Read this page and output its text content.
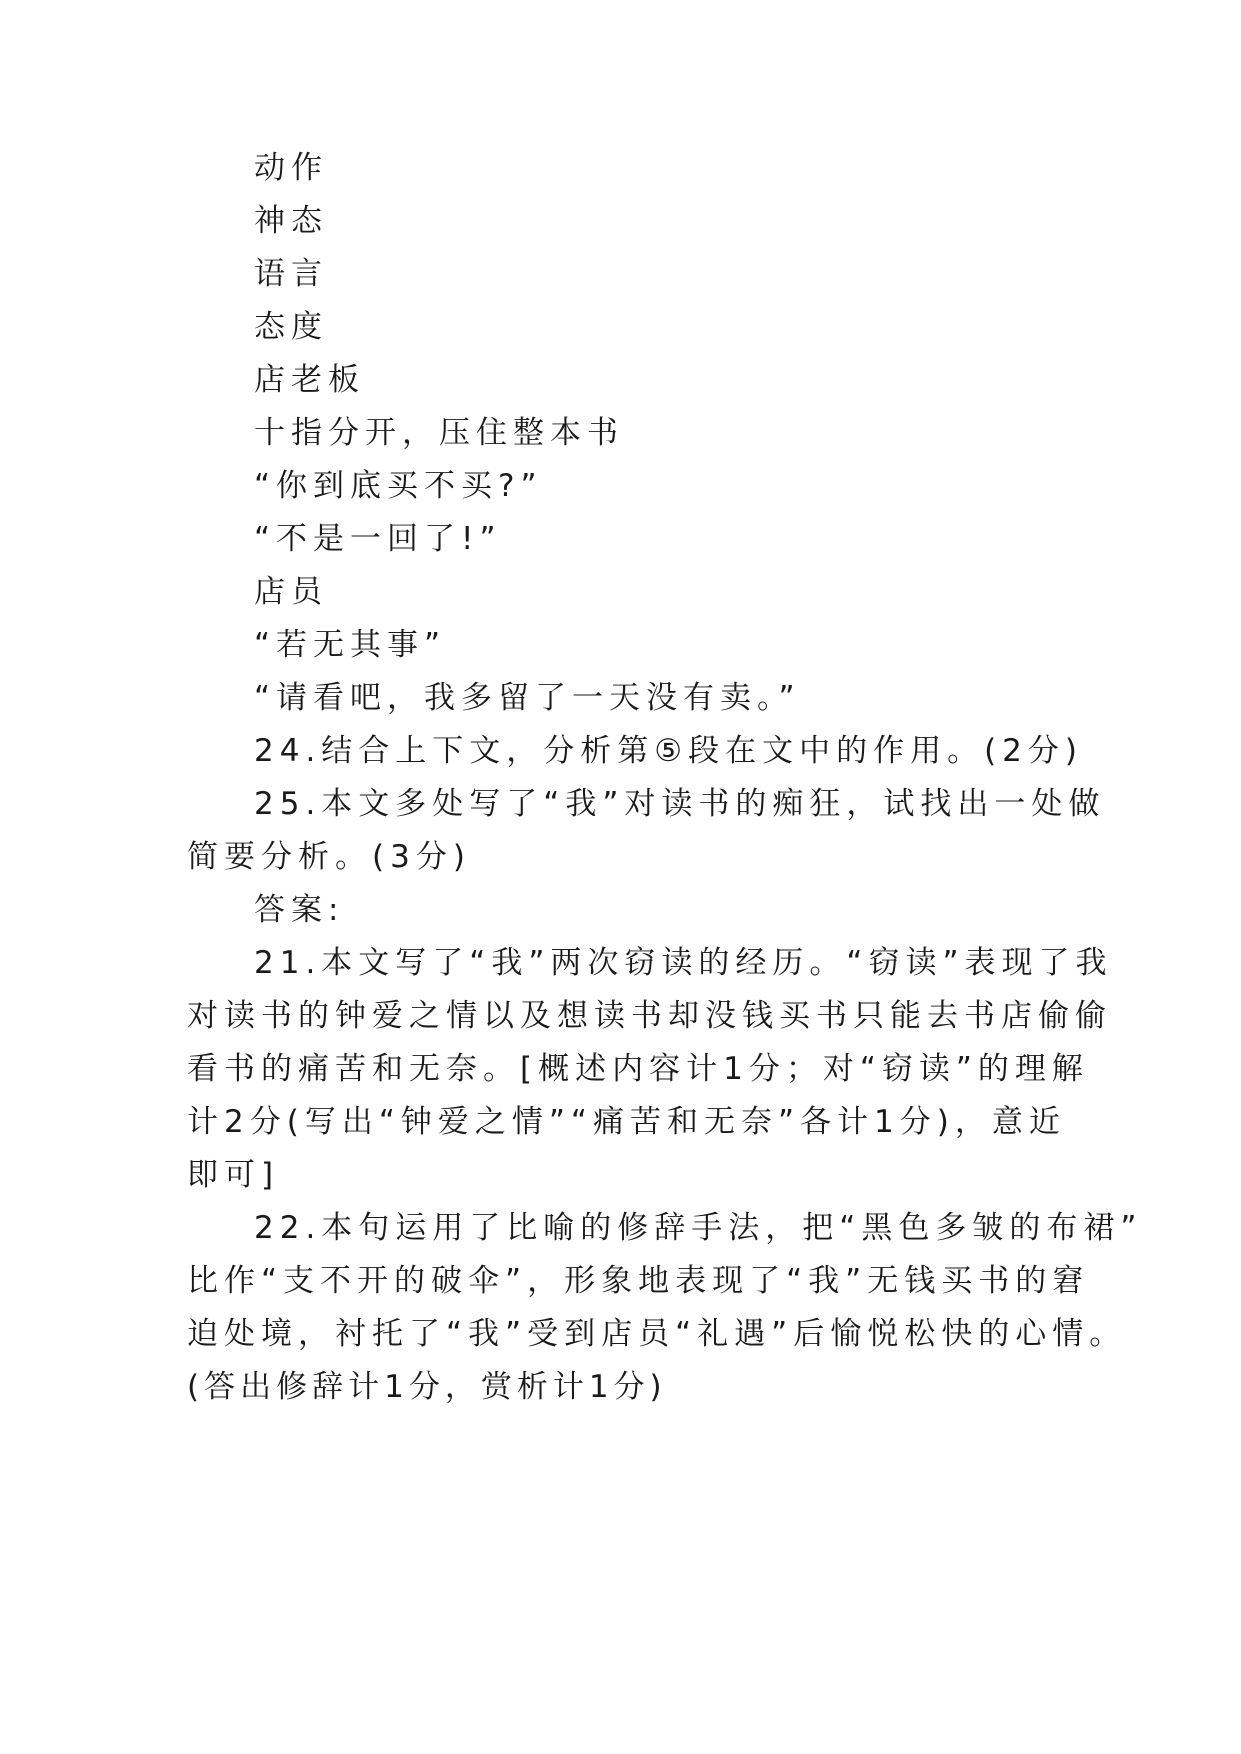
动作
神态
语言
态度
店老板
十指分开，压住整本书
“你到底买不买?”
“不是一回了!”
店员
“若无其事”
“请看吧，我多留了一天没有卖。”
24.结合上下文，分析第⑤段在文中的作用。(2分)
25.本文多处写了“我”对读书的痴狂，试找出一处做
简要分析。(3分)
答案:
21.本文写了“我”两次窃读的经历。“窃读”表现了我
对读书的钟爱之情以及想读书却没钱买书只能去书店偷偷
看书的痛苦和无奈。[概述内容计1分；对“窃读”的理解
计2分(写出“钟爱之情”“痛苦和无奈”各计1分)，意近
即可]
22.本句运用了比喻的修辞手法，把“黑色多皱的布裙”
比作“支不开的破伞”，形象地表现了“我”无钱买书的窘
迫处境，衬托了“我”受到店员“礼遇”后愉悦松快的心情。
(答出修辞计1分，赏析计1分)
